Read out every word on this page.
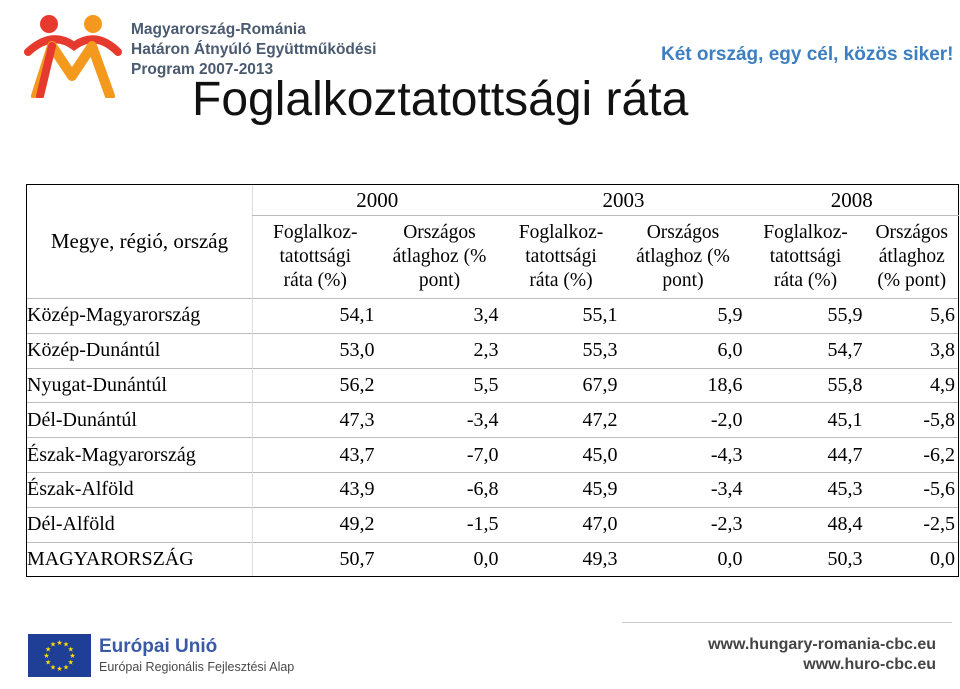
Magyarország-Románia
Határon Átnyúló Együttműködési
Program 2007-2013
Két ország, egy cél, közös siker!
Foglalkoztatottsági ráta
Megye, régió, ország	2000		2003		2008	
	Foglalkoz-
tatottsági
ráta (%)	Országos
átlaghoz (%
pont)	Foglalkoz-
tatottsági
ráta (%)	Országos
átlaghoz (%
pont)	Foglalkoz-
tatottsági
ráta (%)	Országos
átlaghoz
(% pont)
Közép-Magyarország	54,1	3,4	55,1	5,9	55,9	5,6
Közép-Dunántúl	53,0	2,3	55,3	6,0	54,7	3,8
Nyugat-Dunántúl	56,2	5,5	67,9	18,6	55,8	4,9
Dél-Dunántúl	47,3	-3,4	47,2	-2,0	45,1	-5,8
Észak-Magyarország	43,7	-7,0	45,0	-4,3	44,7	-6,2
Észak-Alföld	43,9	-6,8	45,9	-3,4	45,3	-5,6
Dél-Alföld	49,2	-1,5	47,0	-2,3	48,4	-2,5
MAGYARORSZÁG	50,7	0,0	49,3	0,0	50,3	0,0
★
★
★
★
★
★
★
★
★ ★ ★
★ Európai Unió
Európai Regionális Fejlesztési Alap
www.hungary-romania-cbc.eu
www.huro-cbc.eu
